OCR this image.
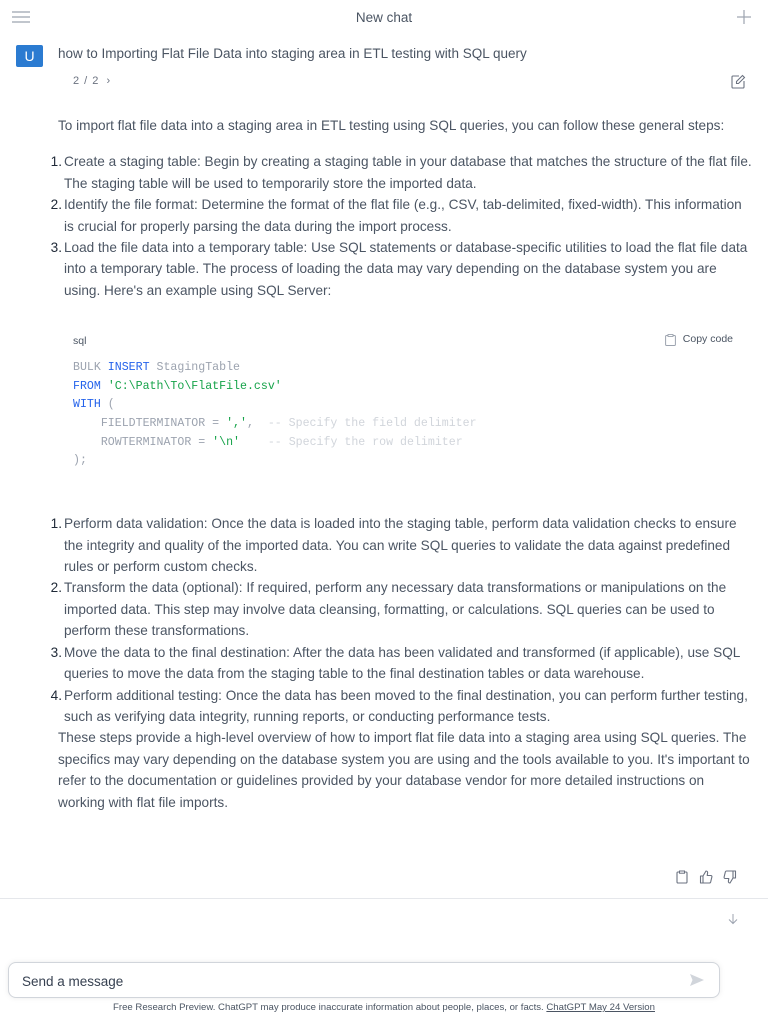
New chat
U	how to Importing Flat File Data into staging area in ETL testing with SQL query
2 / 2 ›

To import flat file data into a staging area in ETL testing using SQL queries, you can follow these general steps:

1. Create a staging table: Begin by creating a staging table in your database that matches the structure of the flat file. The staging table will be used to temporarily store the imported data.
2. Identify the file format: Determine the format of the flat file (e.g., CSV, tab-delimited, fixed-width). This information is crucial for properly parsing the data during the import process.
3. Load the file data into a temporary table: Use SQL statements or database-specific utilities to load the flat file data into a temporary table. The process of loading the data may vary depending on the database system you are using. Here's an example using SQL Server:
sql	Copy code
BULK INSERT StagingTable
FROM 'C:\Path\To\FlatFile.csv'
WITH (
FIELDTERMINATOR = ',',  -- Specify the field delimiter
ROWTERMINATOR = '\n' -- Specify the row delimiter
);
1. Perform data validation: Once the data is loaded into the staging table, perform data validation checks to ensure the integrity and quality of the imported data. You can write SQL queries to validate the data against predefined rules or perform custom checks.
2. Transform the data (optional): If required, perform any necessary data transformations or manipulations on the imported data. This step may involve data cleansing, formatting, or calculations. SQL queries can be used to perform these transformations.
3. Move the data to the final destination: After the data has been validated and transformed (if applicable), use SQL queries to move the data from the staging table to the final destination tables or data warehouse.
4. Perform additional testing: Once the data has been moved to the final destination, you can perform further testing, such as verifying data integrity, running reports, or conducting performance tests.

These steps provide a high-level overview of how to import flat file data into a staging area using SQL queries. The specifics may vary depending on the database system you are using and the tools available to you. It's important to refer to the documentation or guidelines provided by your database vendor for more detailed instructions on working with flat file imports.

Send a message
Free Research Preview. ChatGPT may produce inaccurate information about people, places, or facts. ChatGPT May 24 Version
